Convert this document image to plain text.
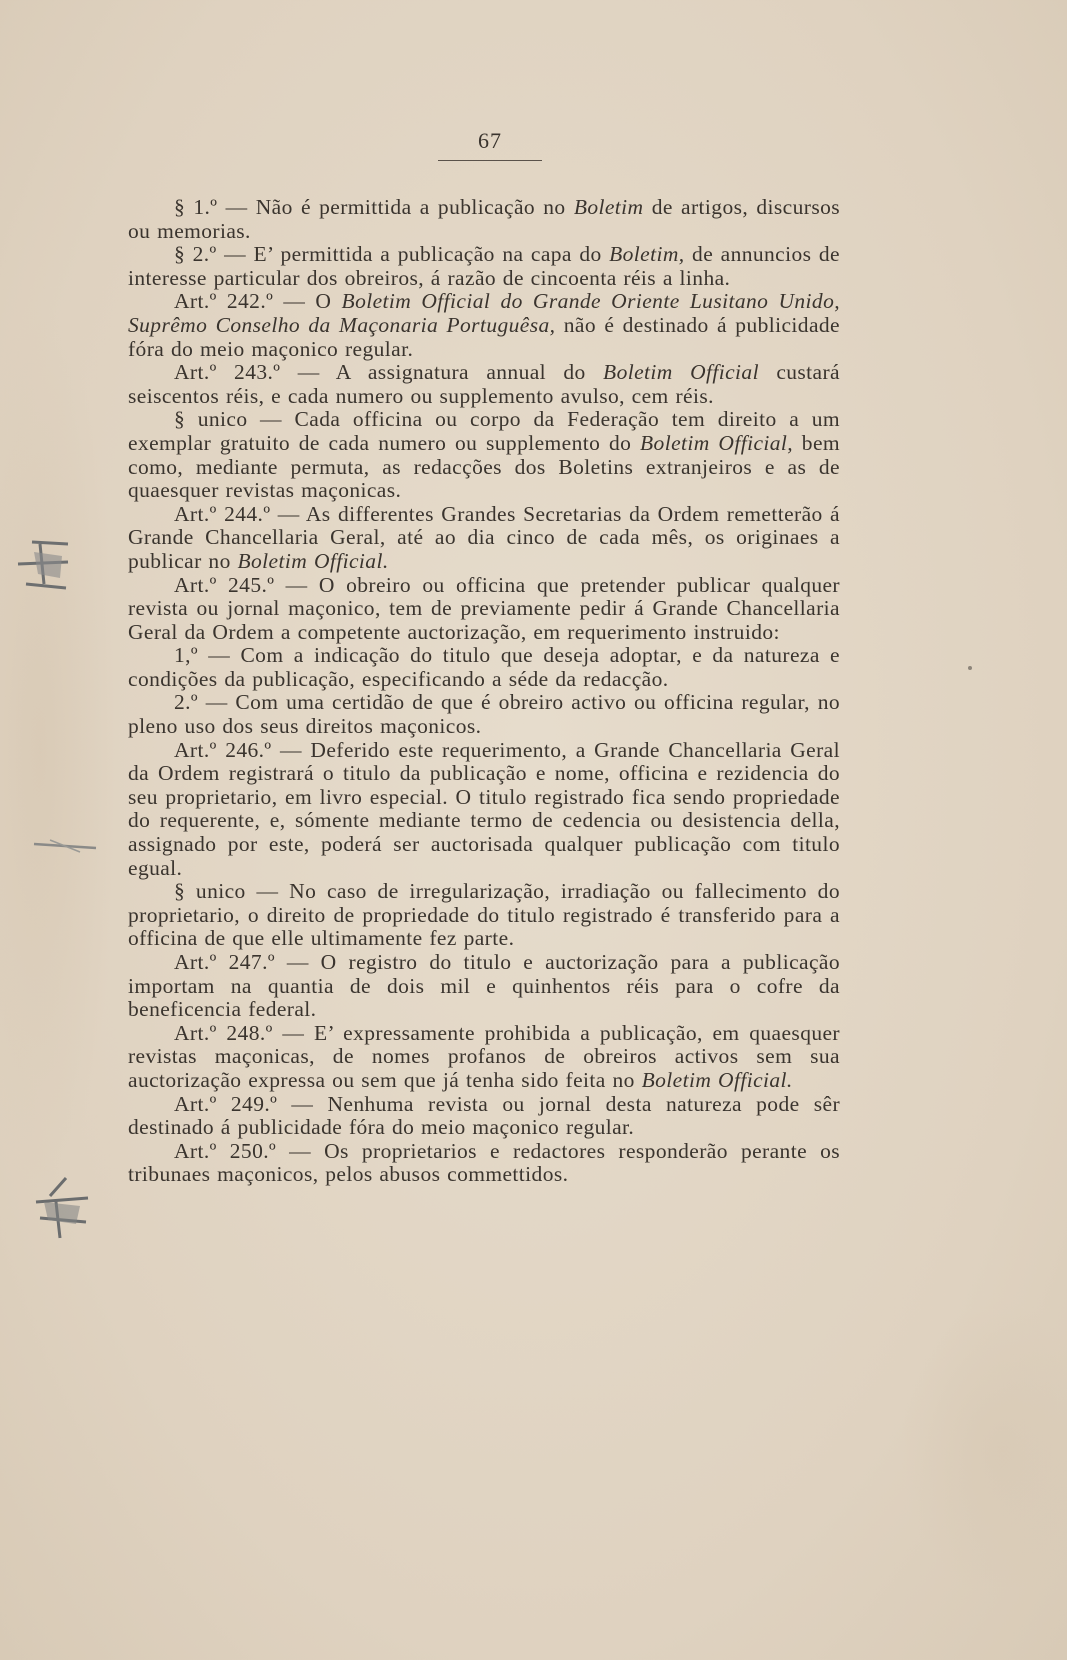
67

§ 1.º — Não é permittida a publicação no Boletim de artigos, discursos ou memorias.

§ 2.º — E’ permittida a publicação na capa do Boletim, de annuncios de interesse particular dos obreiros, á razão de cincoenta réis a linha.

Art.º 242.º — O Boletim Official do Grande Oriente Lusitano Unido, Suprêmo Conselho da Maçonaria Portuguêsa, não é destinado á publicidade fóra do meio maçonico regular.

Art.º 243.º — A assignatura annual do Boletim Official custará seiscentos réis, e cada numero ou supplemento avulso, cem réis.

§ unico — Cada officina ou corpo da Federação tem direito a um exemplar gratuito de cada numero ou supplemento do Boletim Official, bem como, mediante permuta, as redacções dos Boletins extranjeiros e as de quaesquer revistas maçonicas.

Art.º 244.º — As differentes Grandes Secretarias da Ordem remetterão á Grande Chancellaria Geral, até ao dia cinco de cada mês, os originaes a publicar no Boletim Official.

Art.º 245.º — O obreiro ou officina que pretender publicar qualquer revista ou jornal maçonico, tem de previamente pedir á Grande Chancellaria Geral da Ordem a competente auctorização, em requerimento instruido:

1,º — Com a indicação do titulo que deseja adoptar, e da natureza e condições da publicação, especificando a séde da redacção.

2.º — Com uma certidão de que é obreiro activo ou officina regular, no pleno uso dos seus direitos maçonicos.

Art.º 246.º — Deferido este requerimento, a Grande Chancellaria Geral da Ordem registrará o titulo da publicação e nome, officina e rezidencia do seu proprietario, em livro especial. O titulo registrado fica sendo propriedade do requerente, e, sómente mediante termo de cedencia ou desistencia della, assignado por este, poderá ser auctorisada qualquer publicação com titulo egual.

§ unico — No caso de irregularização, irradiação ou fallecimento do proprietario, o direito de propriedade do titulo registrado é transferido para a officina de que elle ultimamente fez parte.

Art.º 247.º — O registro do titulo e auctorização para a publicação importam na quantia de dois mil e quinhentos réis para o cofre da beneficencia federal.

Art.º 248.º — E’ expressamente prohibida a publicação, em quaesquer revistas maçonicas, de nomes profanos de obreiros activos sem sua auctorização expressa ou sem que já tenha sido feita no Boletim Official.

Art.º 249.º — Nenhuma revista ou jornal desta natureza pode sêr destinado á publicidade fóra do meio maçonico regular.

Art.º 250.º — Os proprietarios e redactores responderão perante os tribunaes maçonicos, pelos abusos commettidos.
